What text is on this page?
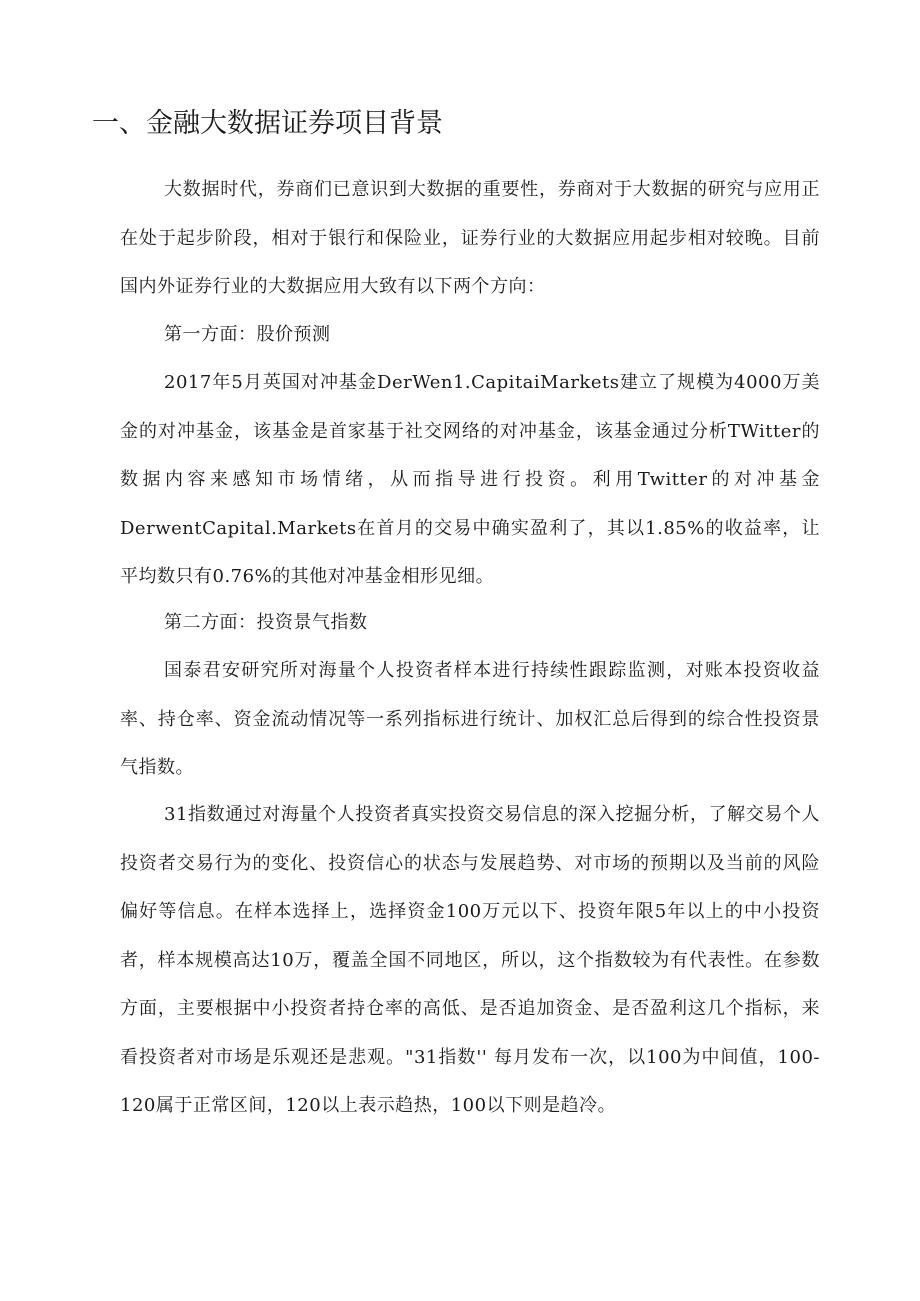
一、金融大数据证券项目背景

大数据时代，券商们已意识到大数据的重要性，券商对于大数据的研究与应用正在处于起步阶段，相对于银行和保险业，证券行业的大数据应用起步相对较晚。目前国内外证券行业的大数据应用大致有以下两个方向：

第一方面：股价预测

2017年5月英国对冲基金DerWen1.CapitaiMarkets建立了规模为4000万美金的对冲基金，该基金是首家基于社交网络的对冲基金，该基金通过分析TWitter的数据内容来感知市场情绪，从而指导进行投资。利用Twitter的对冲基金DerwentCapital.Markets在首月的交易中确实盈利了，其以1.85%的收益率，让平均数只有0.76%的其他对冲基金相形见细。

第二方面：投资景气指数

国泰君安研究所对海量个人投资者样本进行持续性跟踪监测，对账本投资收益率、持仓率、资金流动情况等一系列指标进行统计、加权汇总后得到的综合性投资景气指数。

31指数通过对海量个人投资者真实投资交易信息的深入挖掘分析，了解交易个人投资者交易行为的变化、投资信心的状态与发展趋势、对市场的预期以及当前的风险偏好等信息。在样本选择上，选择资金100万元以下、投资年限5年以上的中小投资者，样本规模高达10万，覆盖全国不同地区，所以，这个指数较为有代表性。在参数方面，主要根据中小投资者持仓率的高低、是否追加资金、是否盈利这几个指标，来看投资者对市场是乐观还是悲观。"31指数'' 每月发布一次，以100为中间值，100-120属于正常区间，120以上表示趋热，100以下则是趋冷。
